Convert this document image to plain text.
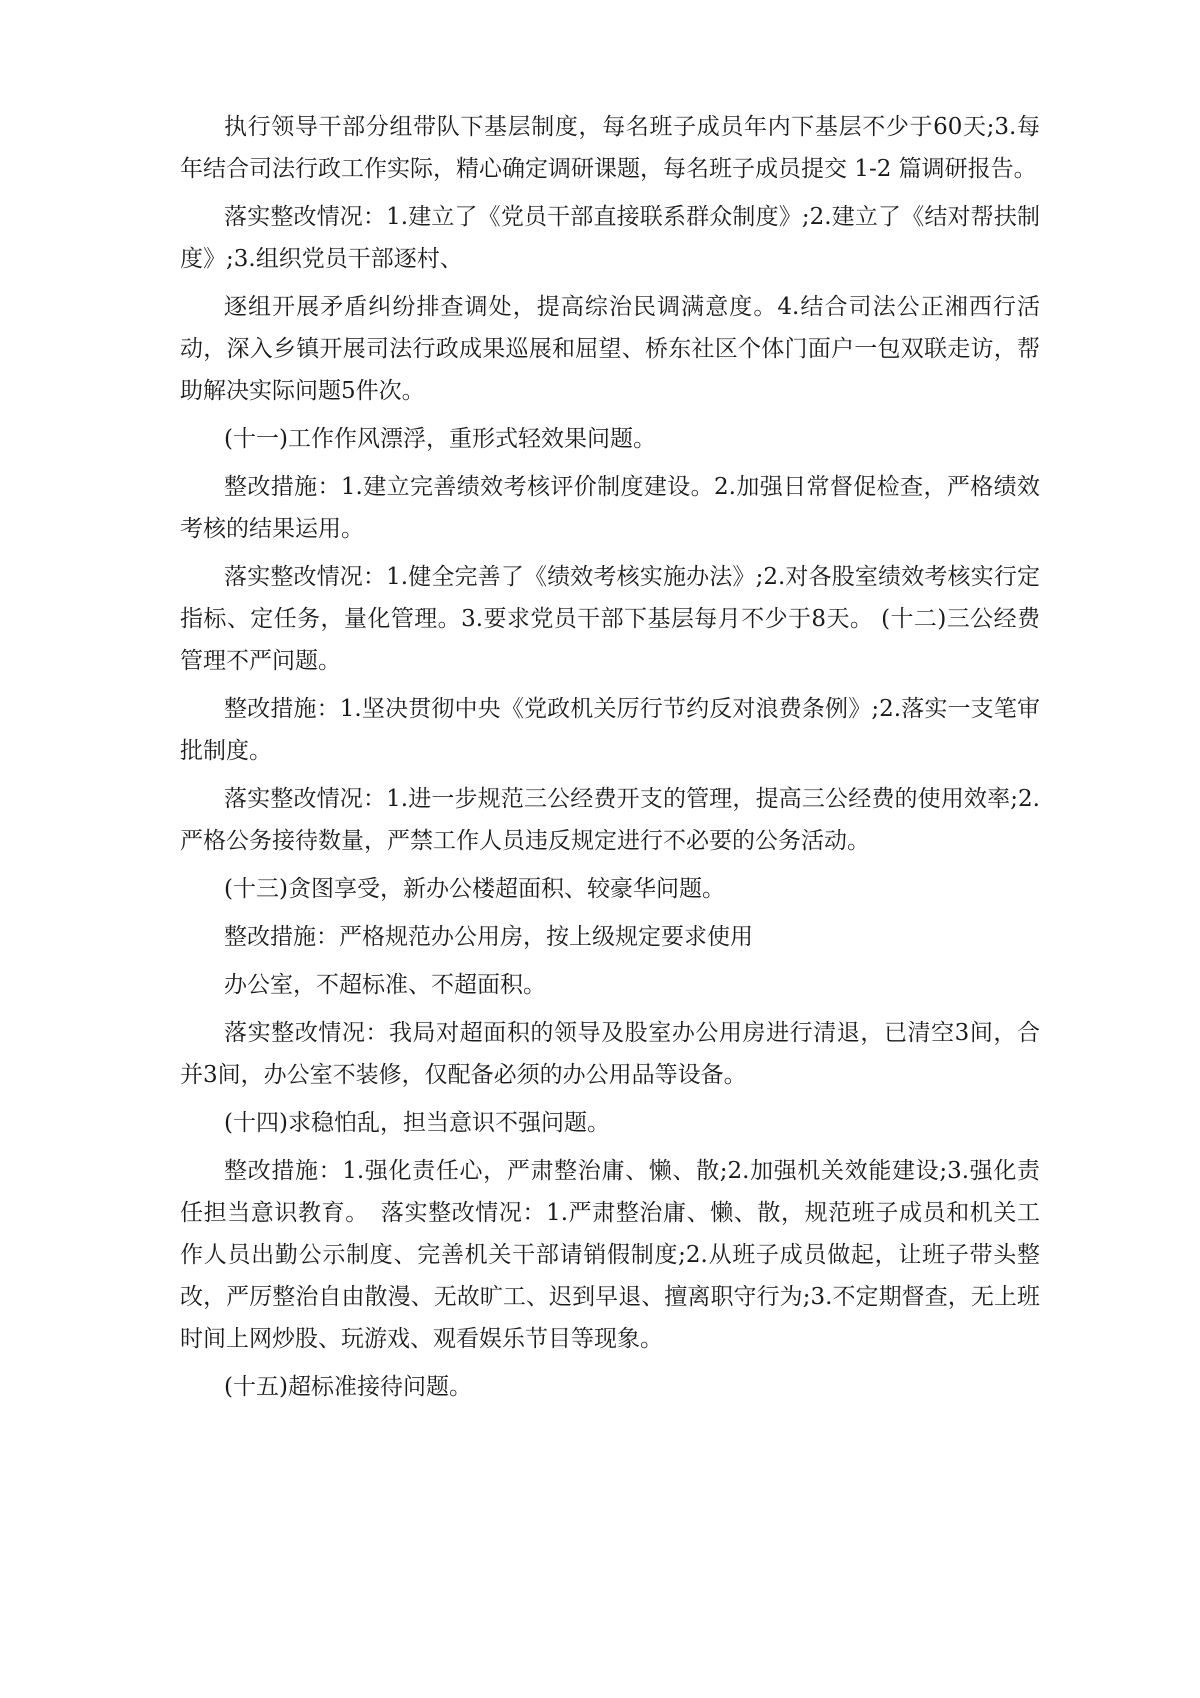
执行领导干部分组带队下基层制度，每名班子成员年内下基层不少于60天;3.每年结合司法行政工作实际，精心确定调研课题，每名班子成员提交 1-2 篇调研报告。

落实整改情况：1.建立了《党员干部直接联系群众制度》;2.建立了《结对帮扶制度》;3.组织党员干部逐村、

逐组开展矛盾纠纷排查调处，提高综治民调满意度。4.结合司法公正湘西行活动，深入乡镇开展司法行政成果巡展和屈望、桥东社区个体门面户一包双联走访，帮助解决实际问题5件次。

(十一)工作作风漂浮，重形式轻效果问题。

整改措施：1.建立完善绩效考核评价制度建设。2.加强日常督促检查，严格绩效考核的结果运用。

落实整改情况：1.健全完善了《绩效考核实施办法》;2.对各股室绩效考核实行定指标、定任务，量化管理。3.要求党员干部下基层每月不少于8天。 (十二)三公经费管理不严问题。

整改措施：1.坚决贯彻中央《党政机关厉行节约反对浪费条例》;2.落实一支笔审批制度。

落实整改情况：1.进一步规范三公经费开支的管理，提高三公经费的使用效率;2.严格公务接待数量，严禁工作人员违反规定进行不必要的公务活动。

(十三)贪图享受，新办公楼超面积、较豪华问题。

整改措施：严格规范办公用房，按上级规定要求使用

办公室，不超标准、不超面积。

落实整改情况：我局对超面积的领导及股室办公用房进行清退，已清空3间，合并3间，办公室不装修，仅配备必须的办公用品等设备。

(十四)求稳怕乱，担当意识不强问题。

整改措施：1.强化责任心，严肃整治庸、懒、散;2.加强机关效能建设;3.强化责任担当意识教育。　落实整改情况：1.严肃整治庸、懒、散，规范班子成员和机关工作人员出勤公示制度、完善机关干部请销假制度;2.从班子成员做起，让班子带头整改，严厉整治自由散漫、无故旷工、迟到早退、擅离职守行为;3.不定期督查，无上班时间上网炒股、玩游戏、观看娱乐节目等现象。

(十五)超标准接待问题。
